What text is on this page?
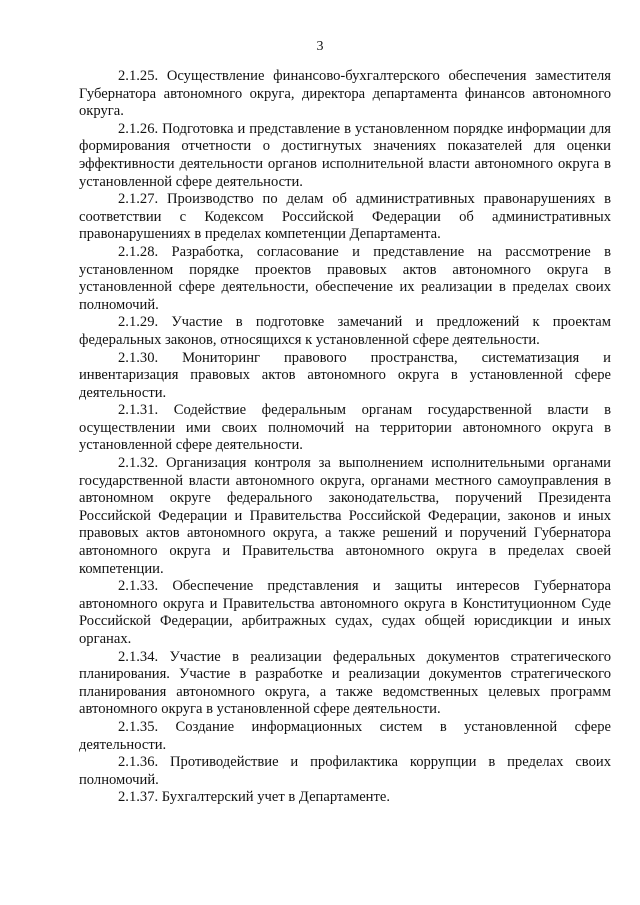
3

2.1.25. Осуществление финансово-бухгалтерского обеспечения заместителя Губернатора автономного округа, директора департамента финансов автономного округа.

2.1.26. Подготовка и представление в установленном порядке информации для формирования отчетности о достигнутых значениях показателей для оценки эффективности деятельности органов исполнительной власти автономного округа в установленной сфере деятельности.

2.1.27. Производство по делам об административных правонарушениях в соответствии с Кодексом Российской Федерации об административных правонарушениях в пределах компетенции Департамента.

2.1.28. Разработка, согласование и представление на рассмотрение в установленном порядке проектов правовых актов автономного округа в установленной сфере деятельности, обеспечение их реализации в пределах своих полномочий.

2.1.29. Участие в подготовке замечаний и предложений к проектам федеральных законов, относящихся к установленной сфере деятельности.

2.1.30. Мониторинг правового пространства, систематизация и инвентаризация правовых актов автономного округа в установленной сфере деятельности.

2.1.31. Содействие федеральным органам государственной власти в осуществлении ими своих полномочий на территории автономного округа в установленной сфере деятельности.

2.1.32. Организация контроля за выполнением исполнительными органами государственной власти автономного округа, органами местного самоуправления в автономном округе федерального законодательства, поручений Президента Российской Федерации и Правительства Российской Федерации, законов и иных правовых актов автономного округа, а также решений и поручений Губернатора автономного округа и Правительства автономного округа в пределах своей компетенции.

2.1.33. Обеспечение представления и защиты интересов Губернатора автономного округа и Правительства автономного округа в Конституционном Суде Российской Федерации, арбитражных судах, судах общей юрисдикции и иных органах.

2.1.34. Участие в реализации федеральных документов стратегического планирования. Участие в разработке и реализации документов стратегического планирования автономного округа, а также ведомственных целевых программ автономного округа в установленной сфере деятельности.

2.1.35. Создание информационных систем в установленной сфере деятельности.

2.1.36. Противодействие и профилактика коррупции в пределах своих полномочий.

2.1.37. Бухгалтерский учет в Департаменте.
